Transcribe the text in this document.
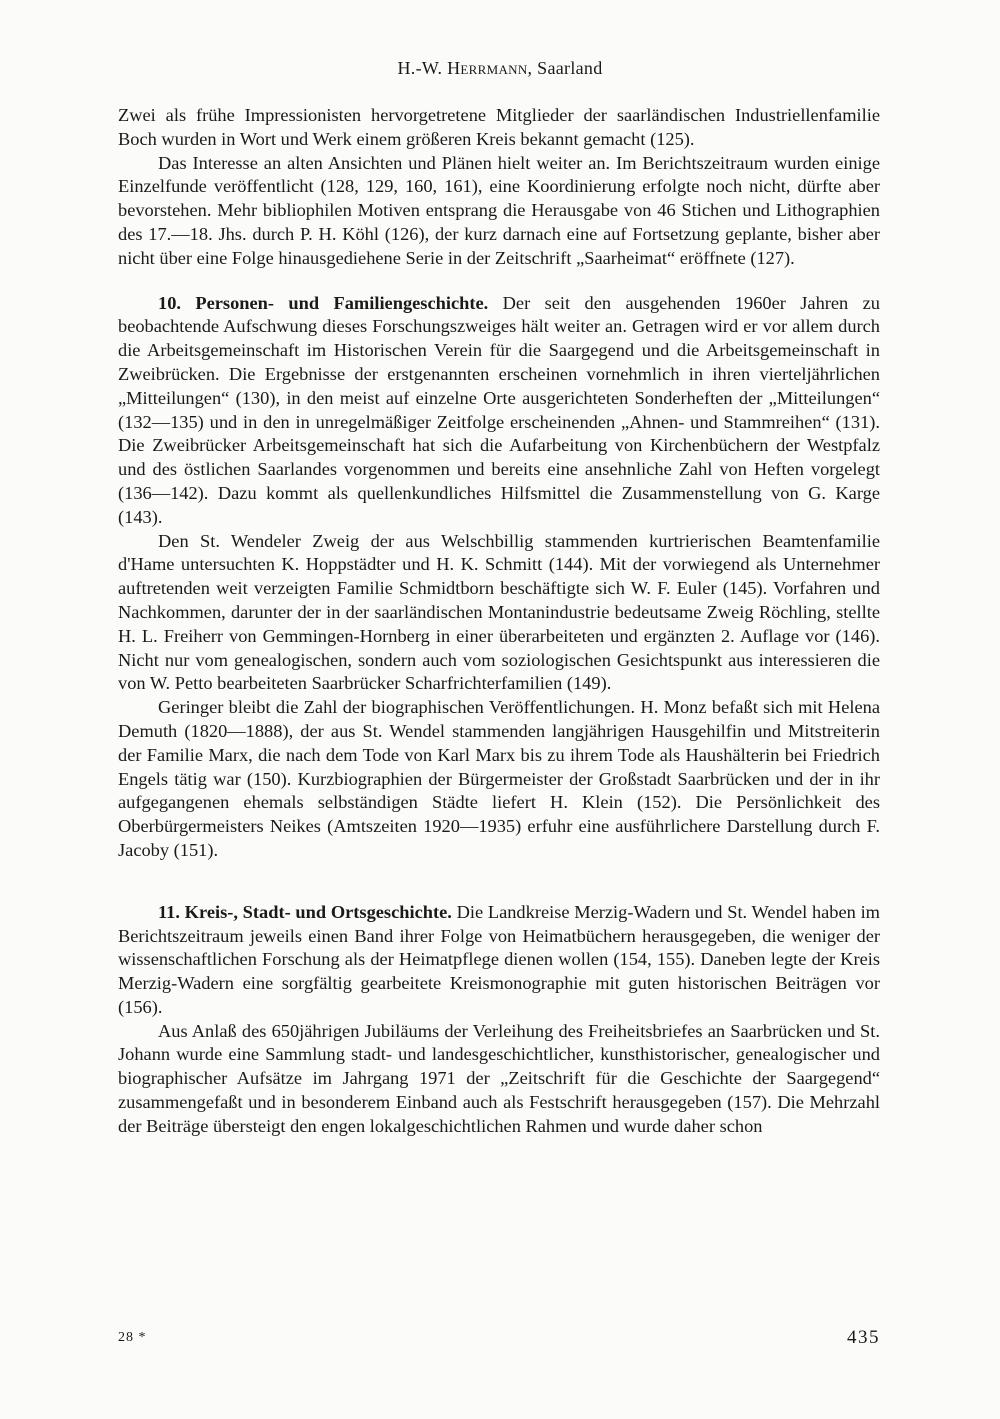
H.-W. Herrmann, Saarland

Zwei als frühe Impressionisten hervorgetretene Mitglieder der saarländischen Industriellenfamilie Boch wurden in Wort und Werk einem größeren Kreis bekannt gemacht (125).

Das Interesse an alten Ansichten und Plänen hielt weiter an. Im Berichtszeitraum wurden einige Einzelfunde veröffentlicht (128, 129, 160, 161), eine Koordinierung erfolgte noch nicht, dürfte aber bevorstehen. Mehr bibliophilen Motiven entsprang die Herausgabe von 46 Stichen und Lithographien des 17.—18. Jhs. durch P. H. Köhl (126), der kurz darnach eine auf Fortsetzung geplante, bisher aber nicht über eine Folge hinausgediehene Serie in der Zeitschrift „Saarheimat“ eröffnete (127).

10. Personen- und Familiengeschichte. Der seit den ausgehenden 1960er Jahren zu beobachtende Aufschwung dieses Forschungszweiges hält weiter an. Getragen wird er vor allem durch die Arbeitsgemeinschaft im Historischen Verein für die Saargegend und die Arbeitsgemeinschaft in Zweibrücken. Die Ergebnisse der erstgenannten erscheinen vornehmlich in ihren vierteljährlichen „Mitteilungen“ (130), in den meist auf einzelne Orte ausgerichteten Sonderheften der „Mitteilungen“ (132—135) und in den in unregelmäßiger Zeitfolge erscheinenden „Ahnen- und Stammreihen“ (131). Die Zweibrücker Arbeitsgemeinschaft hat sich die Aufarbeitung von Kirchenbüchern der Westpfalz und des östlichen Saarlandes vorgenommen und bereits eine ansehnliche Zahl von Heften vorgelegt (136—142). Dazu kommt als quellenkundliches Hilfsmittel die Zusammenstellung von G. Karge (143).

Den St. Wendeler Zweig der aus Welschbillig stammenden kurtrierischen Beamtenfamilie d'Hame untersuchten K. Hoppstädter und H. K. Schmitt (144). Mit der vorwiegend als Unternehmer auftretenden weit verzeigten Familie Schmidtborn beschäftigte sich W. F. Euler (145). Vorfahren und Nachkommen, darunter der in der saarländischen Montanindustrie bedeutsame Zweig Röchling, stellte H. L. Freiherr von Gemmingen-Hornberg in einer überarbeiteten und ergänzten 2. Auflage vor (146). Nicht nur vom genealogischen, sondern auch vom soziologischen Gesichtspunkt aus interessieren die von W. Petto bearbeiteten Saarbrücker Scharfrichterfamilien (149).

Geringer bleibt die Zahl der biographischen Veröffentlichungen. H. Monz befaßt sich mit Helena Demuth (1820—1888), der aus St. Wendel stammenden langjährigen Hausgehilfin und Mitstreiterin der Familie Marx, die nach dem Tode von Karl Marx bis zu ihrem Tode als Haushälterin bei Friedrich Engels tätig war (150). Kurzbiographien der Bürgermeister der Großstadt Saarbrücken und der in ihr aufgegangenen ehemals selbständigen Städte liefert H. Klein (152). Die Persönlichkeit des Oberbürgermeisters Neikes (Amtszeiten 1920—1935) erfuhr eine ausführlichere Darstellung durch F. Jacoby (151).

11. Kreis-, Stadt- und Ortsgeschichte. Die Landkreise Merzig-Wadern und St. Wendel haben im Berichtszeitraum jeweils einen Band ihrer Folge von Heimatbüchern herausgegeben, die weniger der wissenschaftlichen Forschung als der Heimatpflege dienen wollen (154, 155). Daneben legte der Kreis Merzig-Wadern eine sorgfältig gearbeitete Kreismonographie mit guten historischen Beiträgen vor (156).

Aus Anlaß des 650jährigen Jubiläums der Verleihung des Freiheitsbriefes an Saarbrücken und St. Johann wurde eine Sammlung stadt- und landesgeschichtlicher, kunsthistorischer, genealogischer und biographischer Aufsätze im Jahrgang 1971 der „Zeitschrift für die Geschichte der Saargegend“ zusammengefaßt und in besonderem Einband auch als Festschrift herausgegeben (157). Die Mehrzahl der Beiträge übersteigt den engen lokalgeschichtlichen Rahmen und wurde daher schon

28 *	435
